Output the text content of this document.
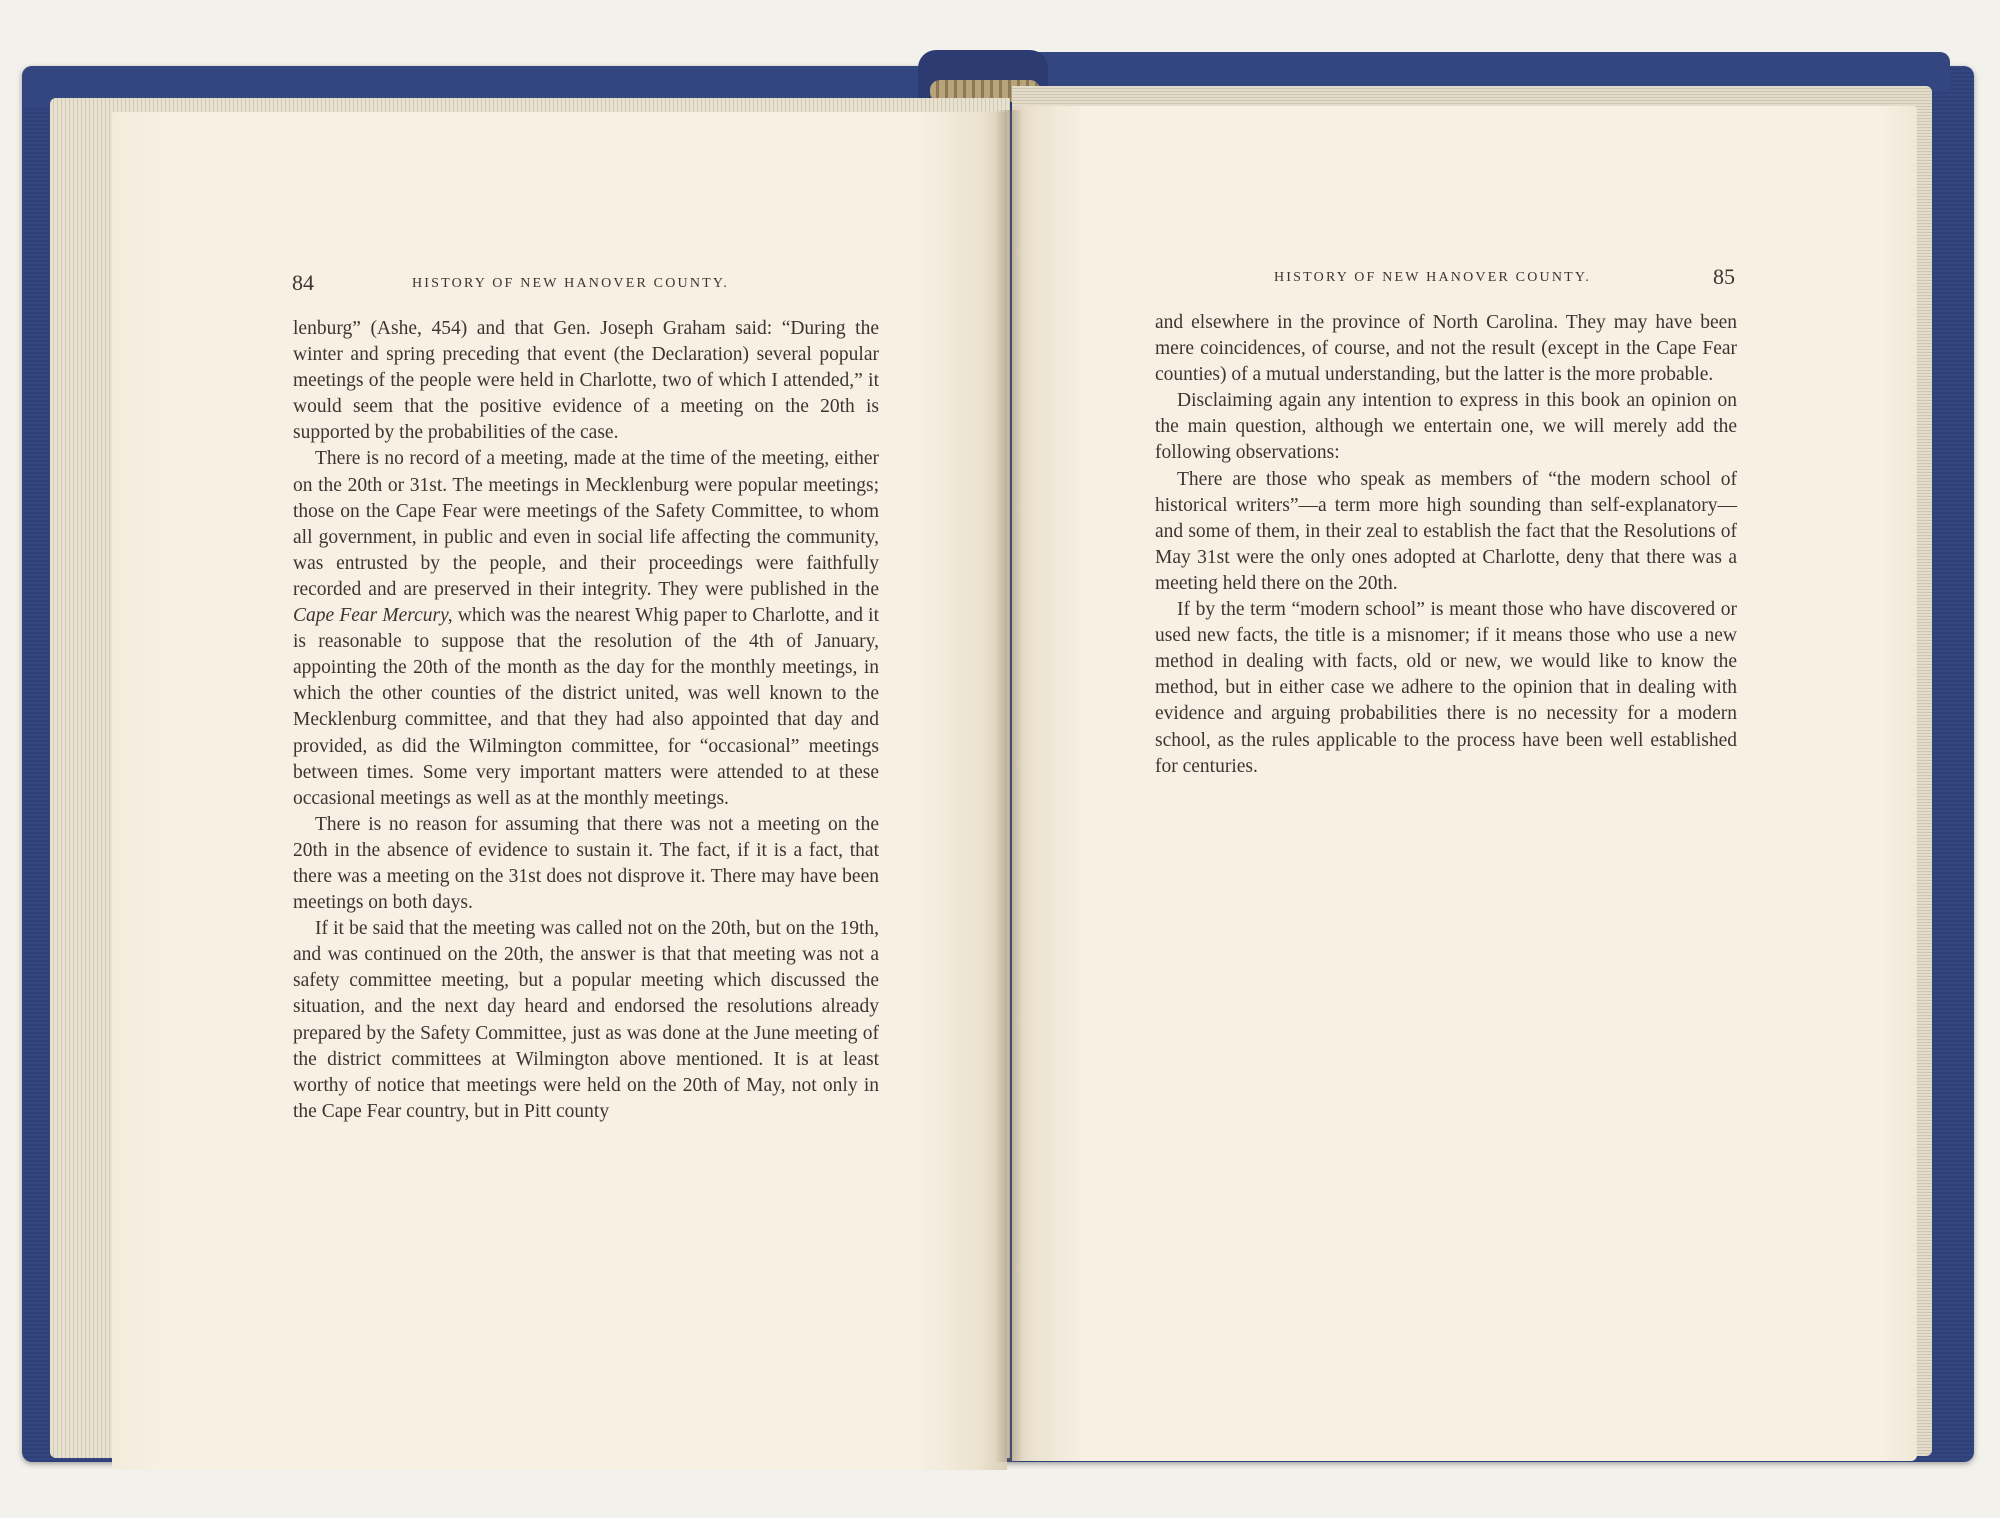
84	HISTORY OF NEW HANOVER COUNTY.

lenburg” (Ashe, 454) and that Gen. Joseph Graham said: “During the winter and spring preceding that event (the Declaration) several popular meetings of the people were held in Charlotte, two of which I attended,” it would seem that the positive evidence of a meeting on the 20th is supported by the probabilities of the case.

There is no record of a meeting, made at the time of the meeting, either on the 20th or 31st. The meetings in Mecklenburg were popular meetings; those on the Cape Fear were meetings of the Safety Committee, to whom all government, in public and even in social life affecting the community, was entrusted by the people, and their proceedings were faithfully recorded and are preserved in their integrity. They were published in the Cape Fear Mercury, which was the nearest Whig paper to Charlotte, and it is reasonable to suppose that the resolution of the 4th of January, appointing the 20th of the month as the day for the monthly meetings, in which the other counties of the district united, was well known to the Mecklenburg committee, and that they had also appointed that day and provided, as did the Wilmington committee, for “occasional” meetings between times. Some very important matters were attended to at these occasional meetings as well as at the monthly meetings.

There is no reason for assuming that there was not a meeting on the 20th in the absence of evidence to sustain it. The fact, if it is a fact, that there was a meeting on the 31st does not disprove it. There may have been meetings on both days.

If it be said that the meeting was called not on the 20th, but on the 19th, and was continued on the 20th, the answer is that that meeting was not a safety committee meeting, but a popular meeting which discussed the situation, and the next day heard and endorsed the resolutions already prepared by the Safety Committee, just as was done at the June meeting of the district committees at Wilmington above mentioned. It is at least worthy of notice that meetings were held on the 20th of May, not only in the Cape Fear country, but in Pitt county

HISTORY OF NEW HANOVER COUNTY.	85

and elsewhere in the province of North Carolina. They may have been mere coincidences, of course, and not the result (except in the Cape Fear counties) of a mutual understanding, but the latter is the more probable.

Disclaiming again any intention to express in this book an opinion on the main question, although we entertain one, we will merely add the following observations:

There are those who speak as members of “the modern school of historical writers”—a term more high sounding than self-explanatory—and some of them, in their zeal to establish the fact that the Resolutions of May 31st were the only ones adopted at Charlotte, deny that there was a meeting held there on the 20th.

If by the term “modern school” is meant those who have discovered or used new facts, the title is a misnomer; if it means those who use a new method in dealing with facts, old or new, we would like to know the method, but in either case we adhere to the opinion that in dealing with evidence and arguing probabilities there is no necessity for a modern school, as the rules applicable to the process have been well established for centuries.
